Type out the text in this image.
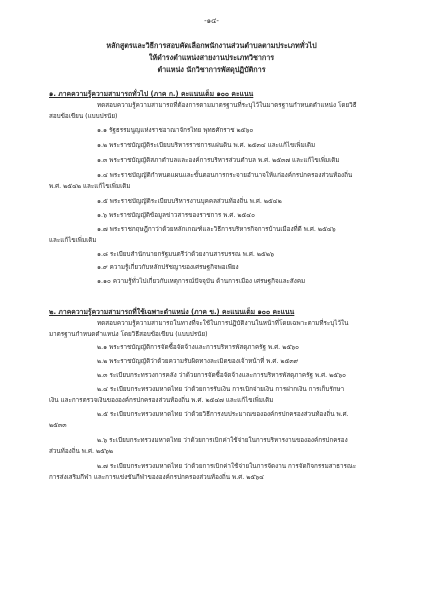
-๑๔-
หลักสูตรและวิธีการสอบคัดเลือกพนักงานส่วนตำบลตามประเภททั่วไป
ให้ดำรงตำแหน่งสายงานประเภทวิชาการ
ตำแหน่ง นักวิชาการพัสดุปฏิบัติการ
๑. ภาคความรู้ความสามารถทั่วไป (ภาค ก.) คะแนนเต็ม ๑๐๐ คะแนน
ทดสอบความรู้ความสามารถที่ต้องการตามมาตรฐานที่ระบุไว้ในมาตรฐานกำหนดตำแหน่ง โดยวิธี
สอบข้อเขียน (แบบปรนัย)
๑.๑ รัฐธรรมนูญแห่งราชอาณาจักรไทย พุทธศักราช ๒๕๖๐
๑.๒ พระราชบัญญัติระเบียบบริหารราชการแผ่นดิน พ.ศ. ๒๕๓๔ และแก้ไขเพิ่มเติม
๑.๓ พระราชบัญญัติสภาตำบลและองค์การบริหารส่วนตำบล พ.ศ. ๒๕๓๗ และแก้ไขเพิ่มเติม
๑.๔ พระราชบัญญัติกำหนดแผนและขั้นตอนการกระจายอำนาจให้แก่องค์กรปกครองส่วนท้องถิ่น
พ.ศ. ๒๕๔๒ และแก้ไขเพิ่มเติม
๑.๕ พระราชบัญญัติระเบียบบริหารงานบุคคลส่วนท้องถิ่น พ.ศ. ๒๕๔๒
๑.๖ พระราชบัญญัติข้อมูลข่าวสารของราชการ พ.ศ. ๒๕๔๐
๑.๗ พระราชกฤษฎีกาว่าด้วยหลักเกณฑ์และวิธีการบริหารกิจการบ้านเมืองที่ดี พ.ศ. ๒๕๔๖
และแก้ไขเพิ่มเติม
๑.๘ ระเบียบสำนักนายกรัฐมนตรีว่าด้วยงานสารบรรณ พ.ศ. ๒๕๒๖
๑.๙ ความรู้เกี่ยวกับหลักปรัชญาของเศรษฐกิจพอเพียง
๑.๑๐ ความรู้ทั่วไปเกี่ยวกับเหตุการณ์ปัจจุบัน ด้านการเมือง เศรษฐกิจและสังคม
๒. ภาคความรู้ความสามารถที่ใช้เฉพาะตำแหน่ง (ภาค ข.) คะแนนเต็ม ๑๐๐ คะแนน
ทดสอบความรู้ความสามารถในทางที่จะใช้ในการปฏิบัติงานในหน้าที่โดยเฉพาะตามที่ระบุไว้ใน
มาตรฐานกำหนดตำแหน่ง โดยวิธีสอบข้อเขียน (แบบปรนัย)
๒.๑ พระราชบัญญัติการจัดซื้อจัดจ้างและการบริหารพัสดุภาครัฐ พ.ศ. ๒๕๖๐
๒.๒ พระราชบัญญัติว่าด้วยความรับผิดทางละเมิดของเจ้าหน้าที่ พ.ศ. ๒๕๓๙
๒.๓ ระเบียบกระทรวงการคลัง ว่าด้วยการจัดซื้อจัดจ้างและการบริหารพัสดุภาครัฐ พ.ศ. ๒๕๖๐
๒.๔ ระเบียบกระทรวงมหาดไทย ว่าด้วยการรับเงิน การเบิกจ่ายเงิน การฝากเงิน การเก็บรักษา
เงิน และการตรวจเงินขององค์กรปกครองส่วนท้องถิ่น พ.ศ. ๒๕๔๗ และแก้ไขเพิ่มเติม
๒.๕ ระเบียบกระทรวงมหาดไทย ว่าด้วยวิธีการงบประมาณขององค์กรปกครองส่วนท้องถิ่น พ.ศ.
๒๕๓๓
๒.๖ ระเบียบกระทรวงมหาดไทย ว่าด้วยการเบิกค่าใช้จ่ายในการบริหารงานขององค์กรปกครอง
ส่วนท้องถิ่น พ.ศ. ๒๕๖๒
๒.๗ ระเบียบกระทรวงมหาดไทย ว่าด้วยการเบิกค่าใช้จ่ายในการจัดงาน การจัดกิจกรรมสาธารณะ
การส่งเสริมกีฬา และการแข่งขันกีฬาขององค์กรปกครองส่วนท้องถิ่น พ.ศ. ๒๕๖๔
